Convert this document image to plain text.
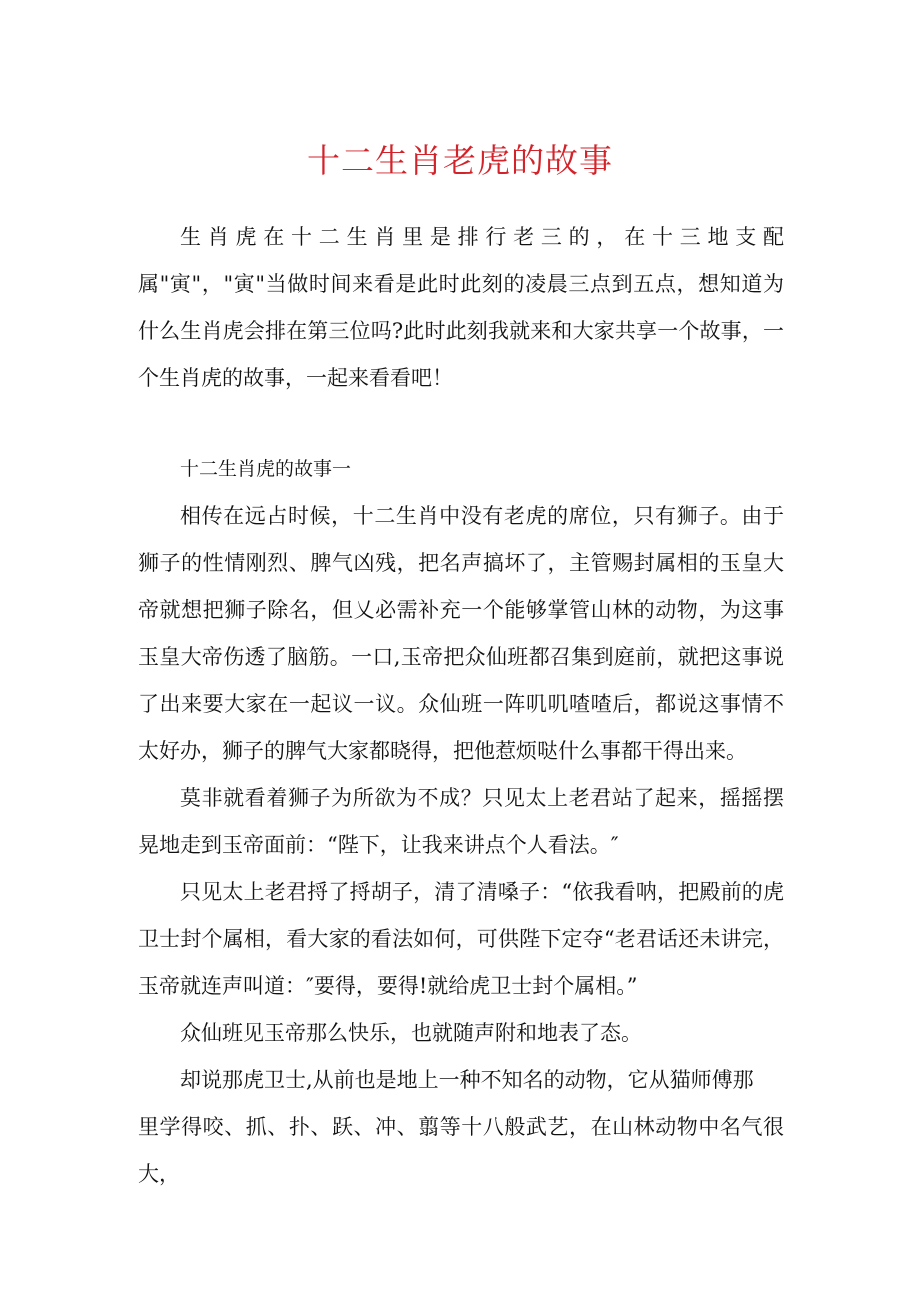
十二生肖老虎的故事

生肖虎在十二生肖里是排行老三的，在十三地支配属"寅"，"寅"当做时间来看是此时此刻的凌晨三点到五点，想知道为什么生肖虎会排在第三位吗?此时此刻我就来和大家共享一个故事，一个生肖虎的故事，一起来看看吧！

十二生肖虎的故事一

相传在远占时候，十二生肖中没有老虎的席位，只有狮子。由于狮子的性情刚烈、脾气凶残，把名声搞坏了，主管赐封属相的玉皇大帝就想把狮子除名，但乂必需补充一个能够掌管山林的动物，为这事玉皇大帝伤透了脑筋。一口,玉帝把众仙班都召集到庭前，就把这事说了出来要大家在一起议一议。众仙班一阵叽叽喳喳后，都说这事情不太好办，狮子的脾气大家都晓得，把他惹烦哒什么事都干得出来。

莫非就看着狮子为所欲为不成？只见太上老君站了起来，摇摇摆晃地走到玉帝面前：“陛下，让我来讲点个人看法。″

只见太上老君捋了捋胡子，清了清嗓子：“依我看呐，把殿前的虎卫士封个属相，看大家的看法如何，可供陛下定夺“老君话还未讲完，玉帝就连声叫道：″要得，要得!就给虎卫士封个属相。”

众仙班见玉帝那么快乐，也就随声附和地表了态。

却说那虎卫士,从前也是地上一种不知名的动物，它从猫师傅那
里学得咬、抓、扑、跃、冲、翦等十八般武艺，在山林动物中名气很大，
